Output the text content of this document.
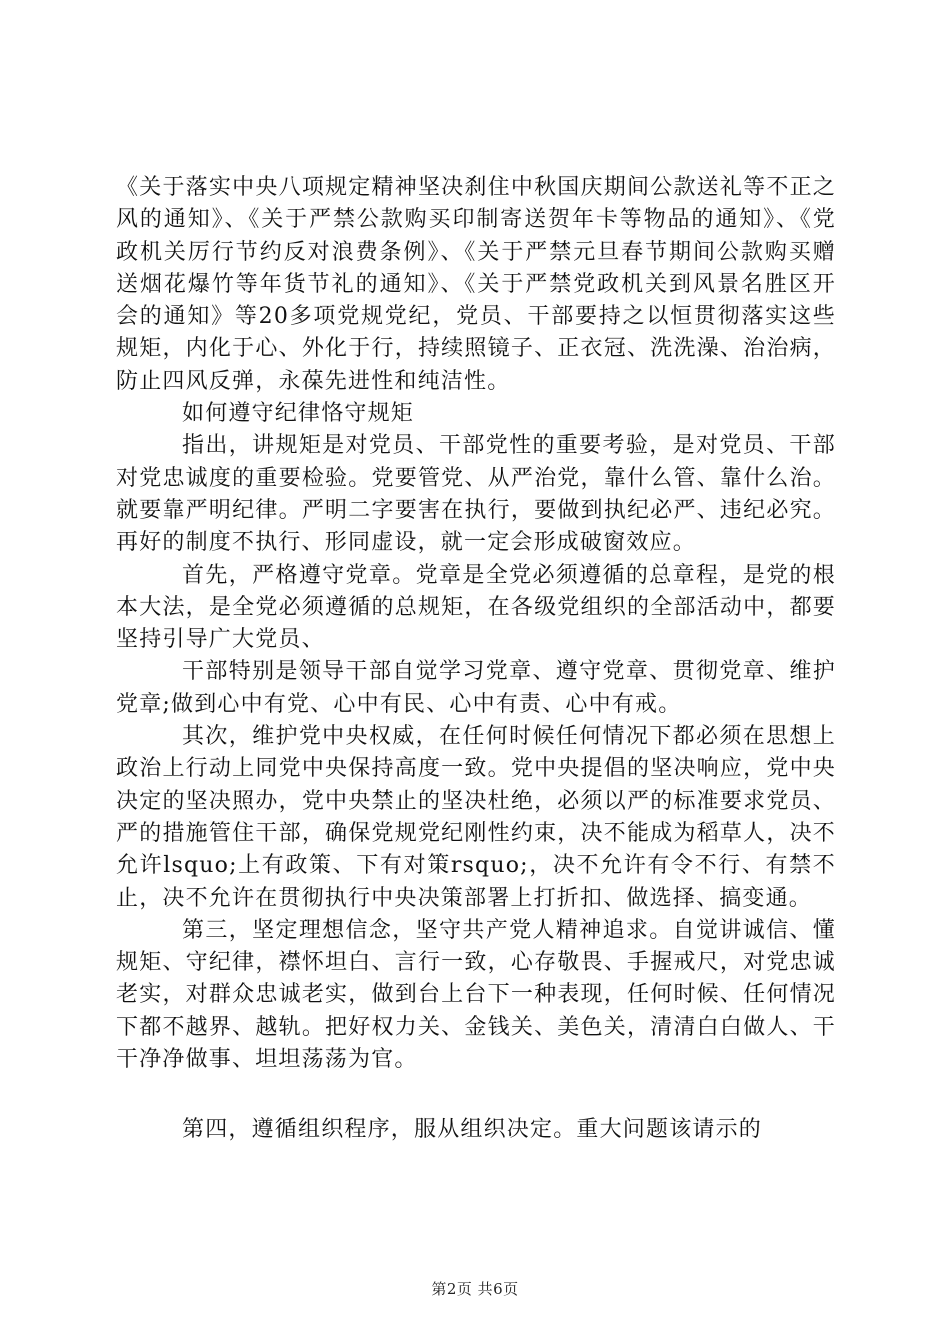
《关于落实中央八项规定精神坚决刹住中秋国庆期间公款送礼等不正之风的通知》、《关于严禁公款购买印制寄送贺年卡等物品的通知》、《党政机关厉行节约反对浪费条例》、《关于严禁元旦春节期间公款购买赠送烟花爆竹等年货节礼的通知》、《关于严禁党政机关到风景名胜区开会的通知》等20多项党规党纪，党员、干部要持之以恒贯彻落实这些规矩，内化于心、外化于行，持续照镜子、正衣冠、洗洗澡、治治病，防止四风反弹，永葆先进性和纯洁性。

如何遵守纪律恪守规矩

指出，讲规矩是对党员、干部党性的重要考验，是对党员、干部对党忠诚度的重要检验。党要管党、从严治党，靠什么管、靠什么治。就要靠严明纪律。严明二字要害在执行，要做到执纪必严、违纪必究。再好的制度不执行、形同虚设，就一定会形成破窗效应。

首先，严格遵守党章。党章是全党必须遵循的总章程，是党的根本大法，是全党必须遵循的总规矩，在各级党组织的全部活动中，都要坚持引导广大党员、

干部特别是领导干部自觉学习党章、遵守党章、贯彻党章、维护党章;做到心中有党、心中有民、心中有责、心中有戒。

其次，维护党中央权威，在任何时候任何情况下都必须在思想上政治上行动上同党中央保持高度一致。党中央提倡的坚决响应，党中央决定的坚决照办，党中央禁止的坚决杜绝，必须以严的标准要求党员、严的措施管住干部，确保党规党纪刚性约束，决不能成为稻草人，决不允许lsquo;上有政策、下有对策rsquo;，决不允许有令不行、有禁不止，决不允许在贯彻执行中央决策部署上打折扣、做选择、搞变通。

第三，坚定理想信念，坚守共产党人精神追求。自觉讲诚信、懂规矩、守纪律，襟怀坦白、言行一致，心存敬畏、手握戒尺，对党忠诚老实，对群众忠诚老实，做到台上台下一种表现，任何时候、任何情况下都不越界、越轨。把好权力关、金钱关、美色关，清清白白做人、干干净净做事、坦坦荡荡为官。

第四，遵循组织程序，服从组织决定。重大问题该请示的

第2页 共6页
